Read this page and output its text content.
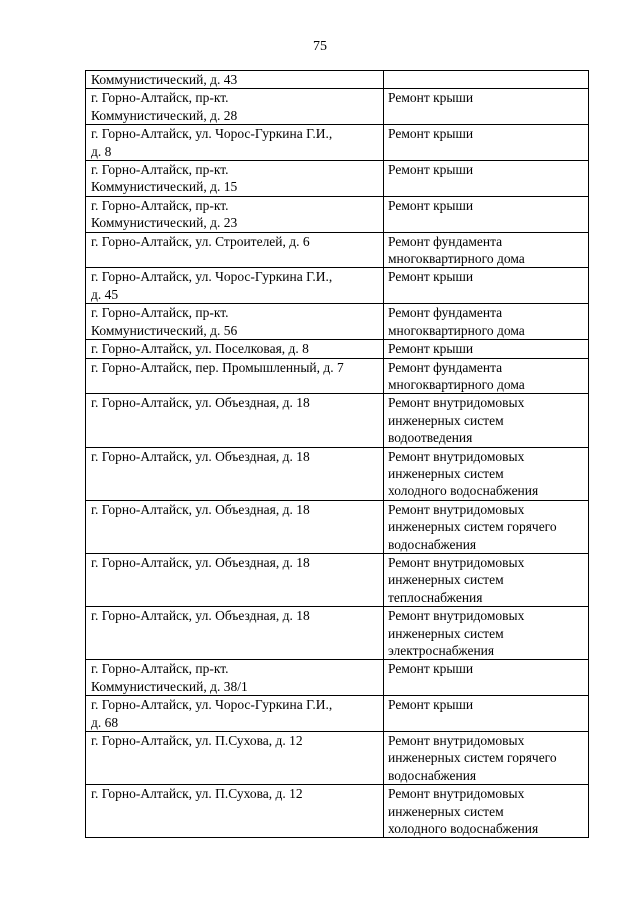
75
Коммунистический, д. 43	

г. Горно-Алтайск, пр-кт.
Коммунистический, д. 28	Ремонт крыши

г. Горно-Алтайск, ул. Чорос-Гуркина Г.И.,
д. 8	Ремонт крыши

г. Горно-Алтайск, пр-кт.
Коммунистический, д. 15	Ремонт крыши

г. Горно-Алтайск, пр-кт.
Коммунистический, д. 23	Ремонт крыши

г. Горно-Алтайск, ул. Строителей, д. 6	Ремонт фундамента
многоквартирного дома

г. Горно-Алтайск, ул. Чорос-Гуркина Г.И.,
д. 45	Ремонт крыши

г. Горно-Алтайск, пр-кт.
Коммунистический, д. 56	Ремонт фундамента
многоквартирного дома

г. Горно-Алтайск, ул. Поселковая, д. 8	Ремонт крыши

г. Горно-Алтайск, пер. Промышленный, д. 7	Ремонт фундамента
многоквартирного дома

г. Горно-Алтайск, ул. Объездная, д. 18	Ремонт внутридомовых
инженерных систем
водоотведения

г. Горно-Алтайск, ул. Объездная, д. 18	Ремонт внутридомовых
инженерных систем
холодного водоснабжения

г. Горно-Алтайск, ул. Объездная, д. 18	Ремонт внутридомовых
инженерных систем горячего
водоснабжения

г. Горно-Алтайск, ул. Объездная, д. 18	Ремонт внутридомовых
инженерных систем
теплоснабжения

г. Горно-Алтайск, ул. Объездная, д. 18	Ремонт внутридомовых
инженерных систем
электроснабжения

г. Горно-Алтайск, пр-кт.
Коммунистический, д. 38/1	Ремонт крыши

г. Горно-Алтайск, ул. Чорос-Гуркина Г.И.,
д. 68	Ремонт крыши

г. Горно-Алтайск, ул. П.Сухова, д. 12	Ремонт внутридомовых
инженерных систем горячего
водоснабжения

г. Горно-Алтайск, ул. П.Сухова, д. 12	Ремонт внутридомовых
инженерных систем
холодного водоснабжения
